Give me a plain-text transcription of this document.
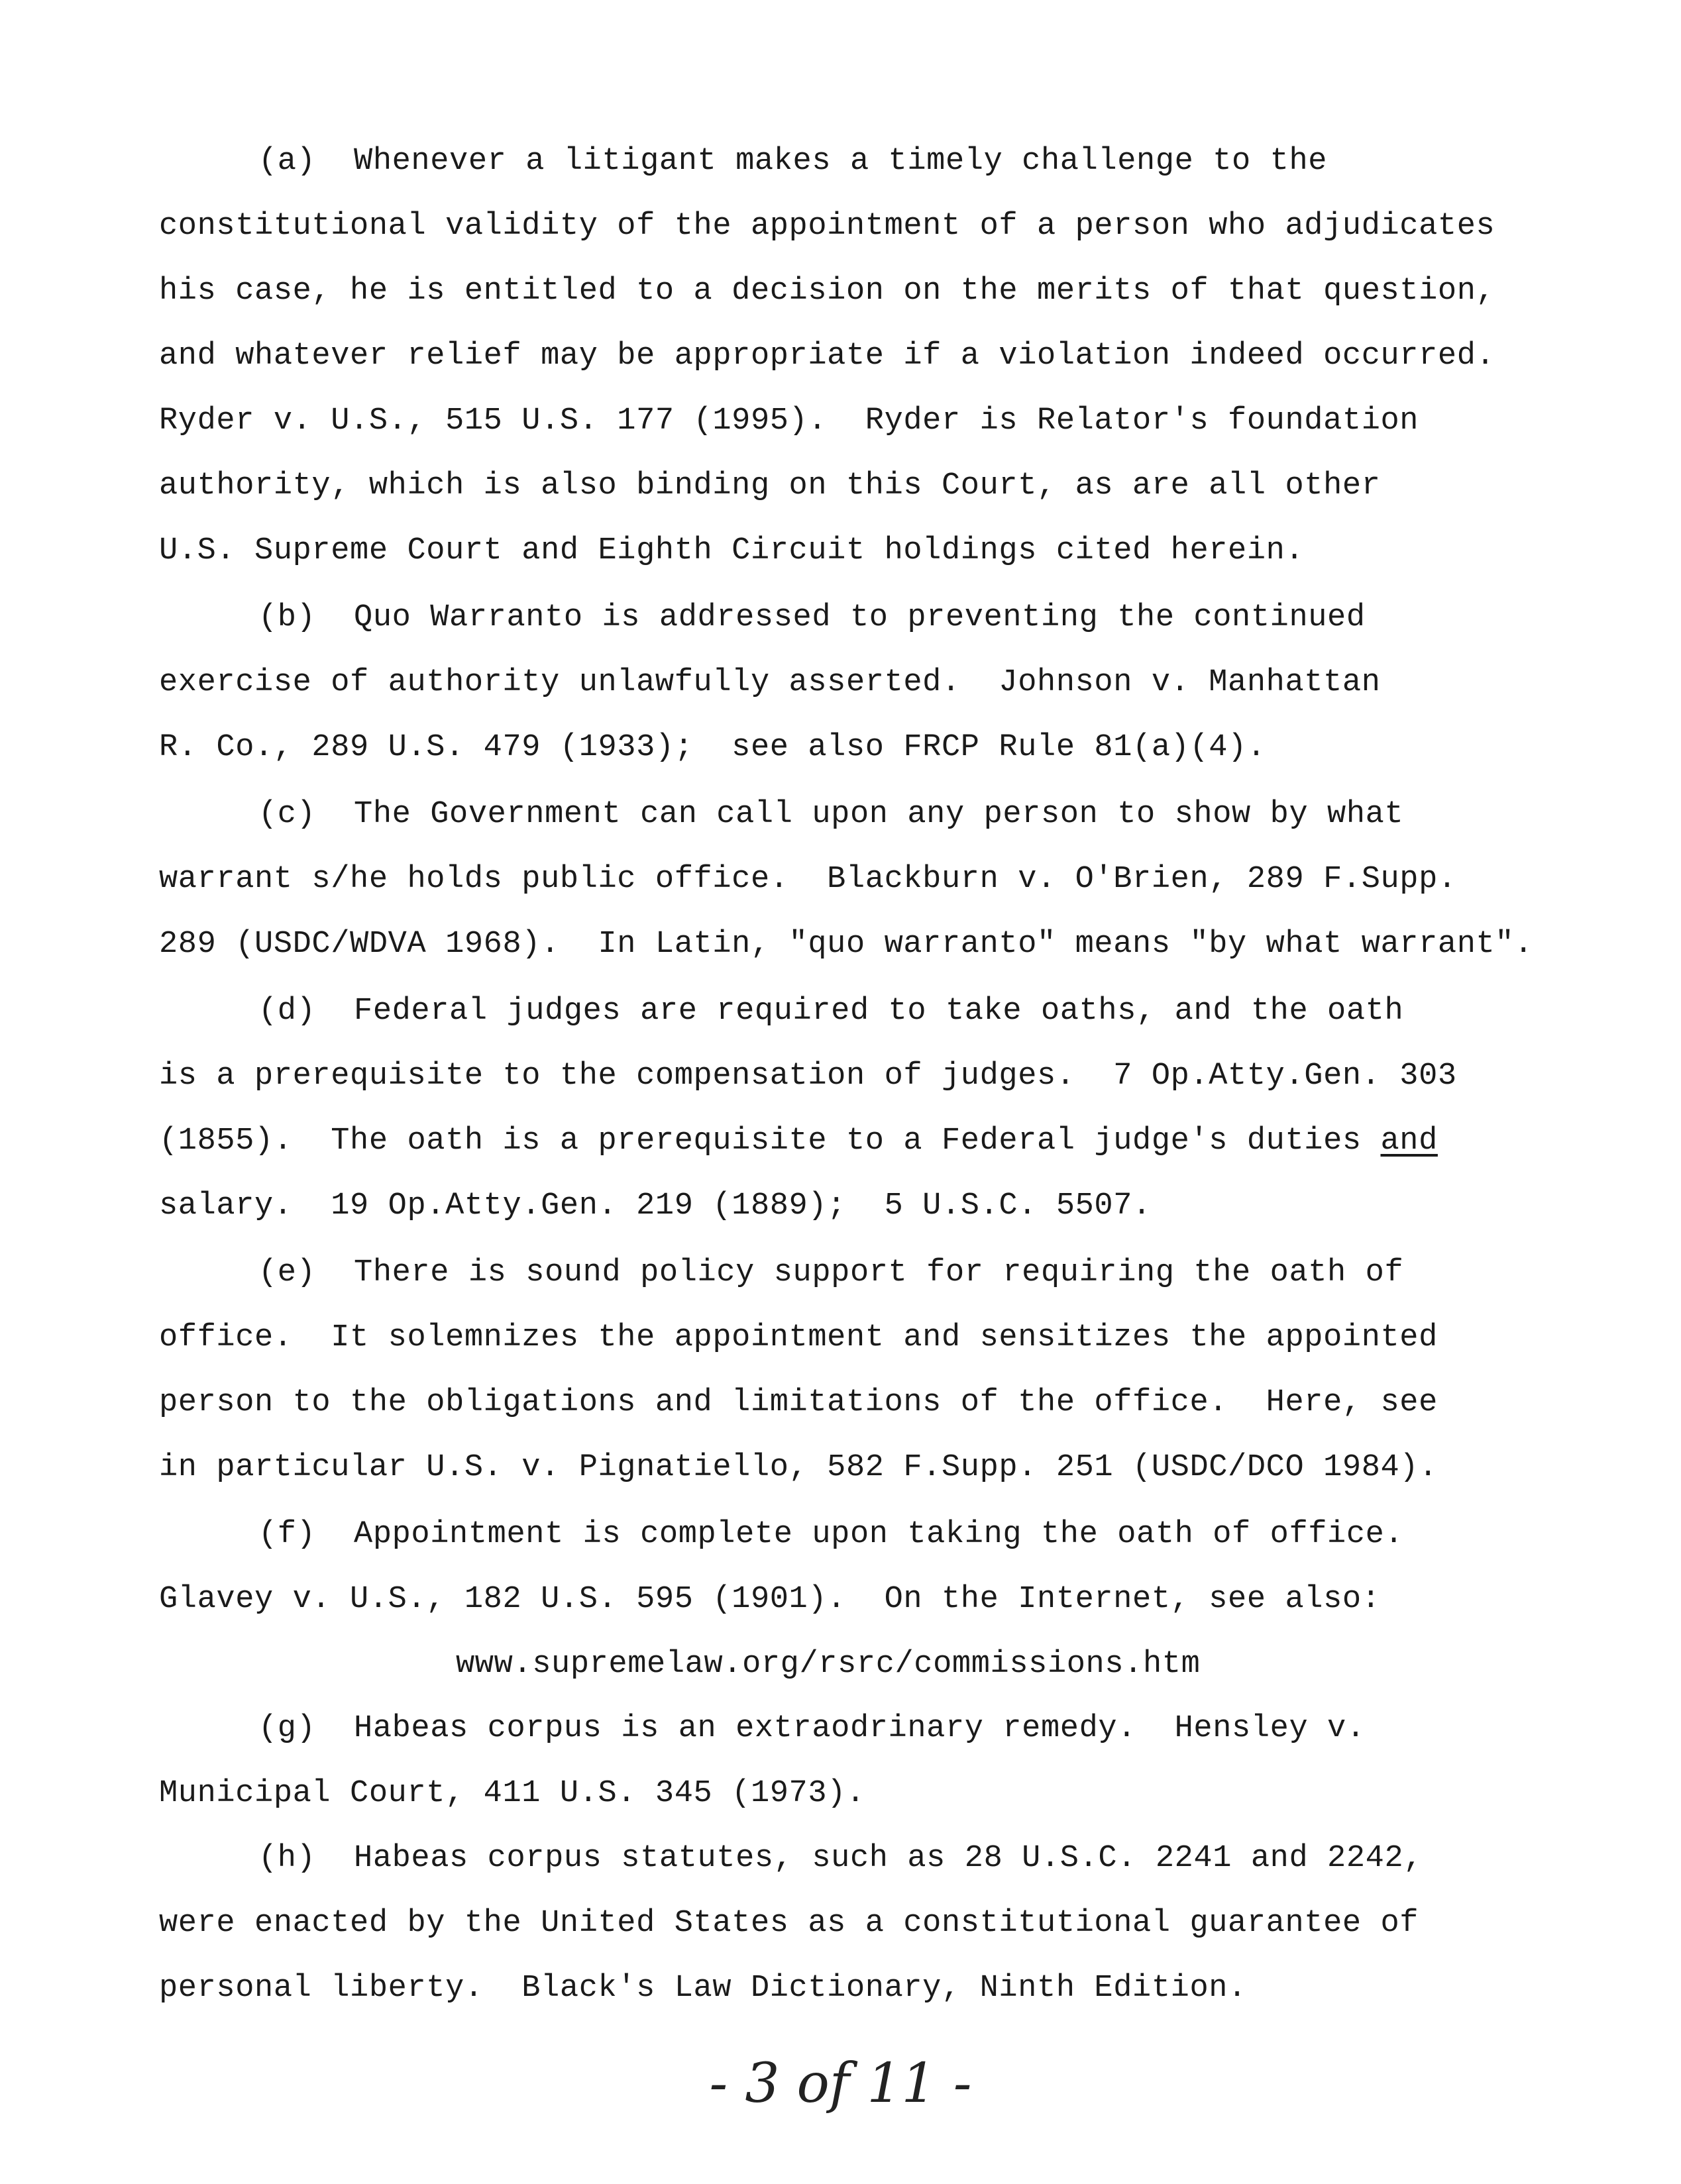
(a)  Whenever a litigant makes a timely challenge to the
constitutional validity of the appointment of a person who adjudicates
his case, he is entitled to a decision on the merits of that question,
and whatever relief may be appropriate if a violation indeed occurred.
Ryder v. U.S., 515 U.S. 177 (1995).  Ryder is Relator's foundation
authority, which is also binding on this Court, as are all other
U.S. Supreme Court and Eighth Circuit holdings cited herein.
(b)  Quo Warranto is addressed to preventing the continued
exercise of authority unlawfully asserted.  Johnson v. Manhattan
R. Co., 289 U.S. 479 (1933);  see also FRCP Rule 81(a)(4).
(c)  The Government can call upon any person to show by what
warrant s/he holds public office.  Blackburn v. O'Brien, 289 F.Supp.
289 (USDC/WDVA 1968).  In Latin, "quo warranto" means "by what warrant".
(d)  Federal judges are required to take oaths, and the oath
is a prerequisite to the compensation of judges.  7 Op.Atty.Gen. 303
(1855).  The oath is a prerequisite to a Federal judge's duties and
salary.  19 Op.Atty.Gen. 219 (1889);  5 U.S.C. 5507.
(e)  There is sound policy support for requiring the oath of
office.  It solemnizes the appointment and sensitizes the appointed
person to the obligations and limitations of the office.  Here, see
in particular U.S. v. Pignatiello, 582 F.Supp. 251 (USDC/DCO 1984).
(f)  Appointment is complete upon taking the oath of office.
Glavey v. U.S., 182 U.S. 595 (1901).  On the Internet, see also:
www.supremelaw.org/rsrc/commissions.htm
(g)  Habeas corpus is an extraodrinary remedy.  Hensley v.
Municipal Court, 411 U.S. 345 (1973).
(h)  Habeas corpus statutes, such as 28 U.S.C. 2241 and 2242,
were enacted by the United States as a constitutional guarantee of
personal liberty.  Black's Law Dictionary, Ninth Edition.
- 3 of 11 -
